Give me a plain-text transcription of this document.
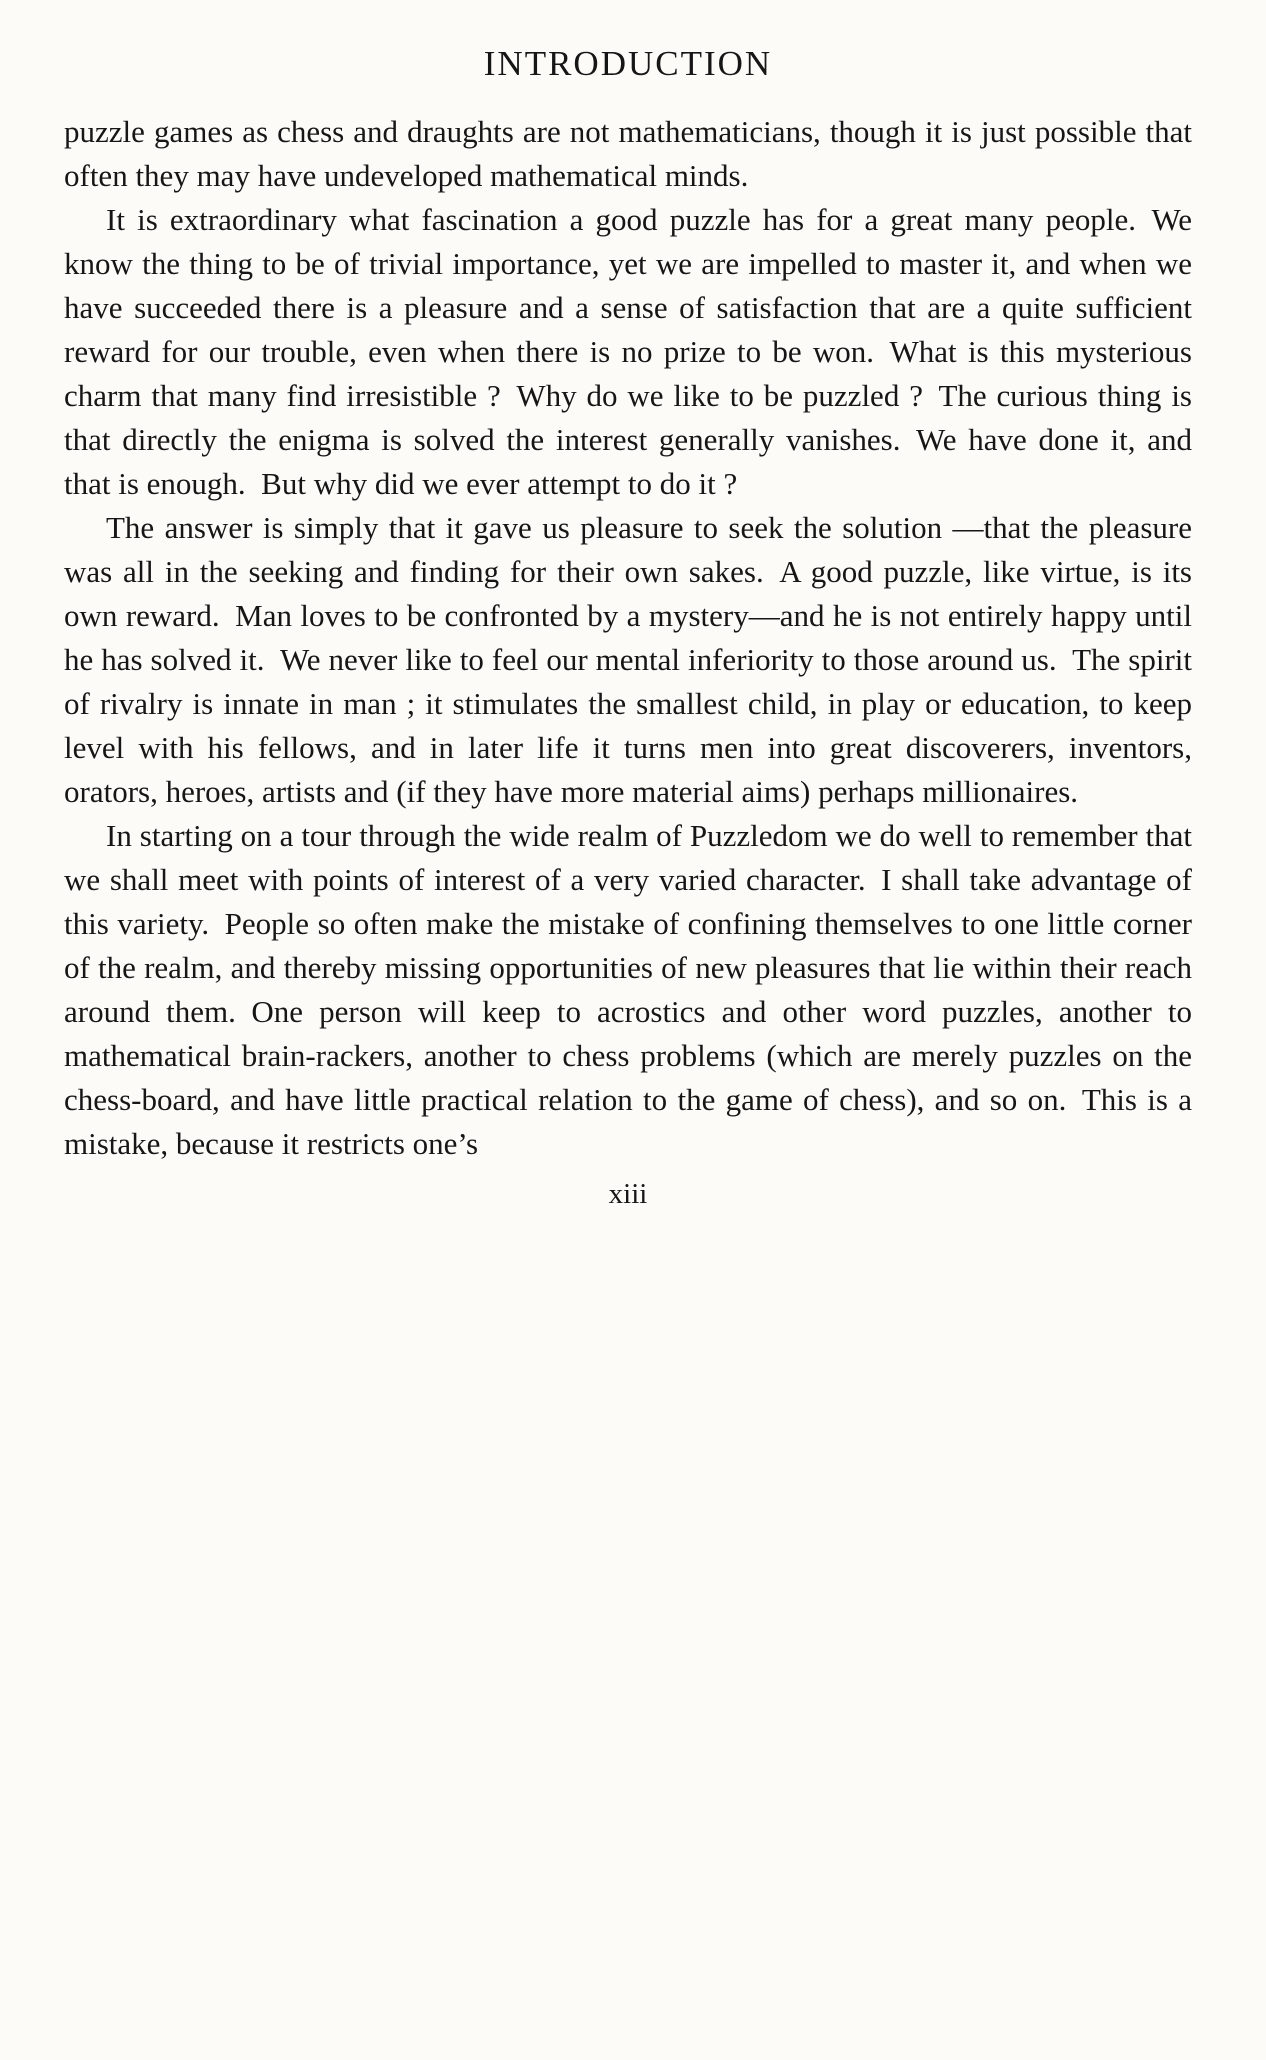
INTRODUCTION

puzzle games as chess and draughts are not mathematicians, though it is just possible that often they may have undeveloped mathematical minds.

It is extraordinary what fascination a good puzzle has for a great many people. We know the thing to be of trivial importance, yet we are impelled to master it, and when we have succeeded there is a pleasure and a sense of satisfaction that are a quite sufficient reward for our trouble, even when there is no prize to be won. What is this mysterious charm that many find irresistible ? Why do we like to be puzzled ? The curious thing is that directly the enigma is solved the interest generally vanishes. We have done it, and that is enough. But why did we ever attempt to do it ?

The answer is simply that it gave us pleasure to seek the solution —that the pleasure was all in the seeking and finding for their own sakes. A good puzzle, like virtue, is its own reward. Man loves to be confronted by a mystery—and he is not entirely happy until he has solved it. We never like to feel our mental inferiority to those around us. The spirit of rivalry is innate in man ; it stimulates the smallest child, in play or education, to keep level with his fellows, and in later life it turns men into great discoverers, inventors, orators, heroes, artists and (if they have more material aims) perhaps millionaires.

In starting on a tour through the wide realm of Puzzledom we do well to remember that we shall meet with points of interest of a very varied character. I shall take advantage of this variety. People so often make the mistake of confining themselves to one little corner of the realm, and thereby missing opportunities of new pleasures that lie within their reach around them. One person will keep to acrostics and other word puzzles, another to mathematical brain-rackers, another to chess problems (which are merely puzzles on the chess-board, and have little practical relation to the game of chess), and so on. This is a mistake, because it restricts one’s

xiii
